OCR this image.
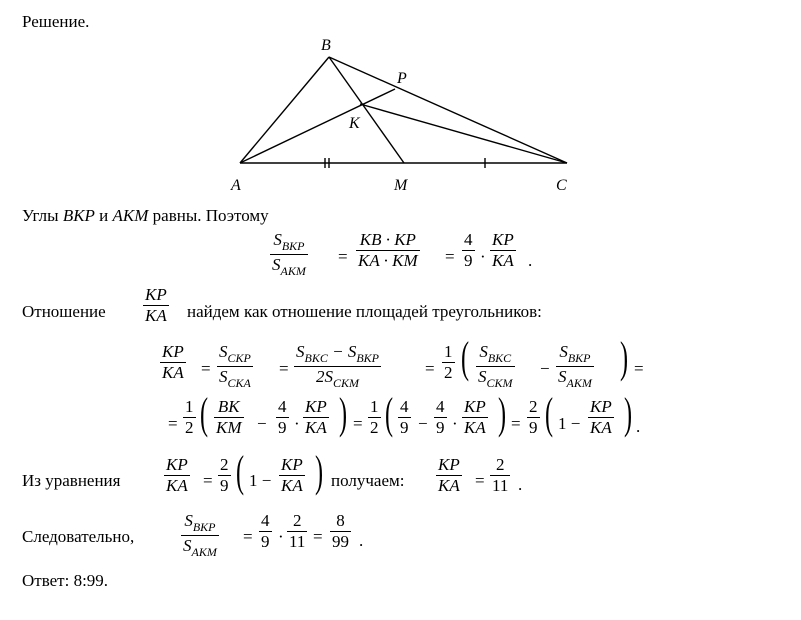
Решение.
B
P
K
A	M	C
Углы BKP и AKM равны. Поэтому
$S_{BKP}$
$S_{AKM}$
= $\frac{KB \cdot KP}{KA \cdot KM} = \frac{4}{9} \cdot \frac{KP}{KA}$ .
Отношение $\frac{KP}{KA}$ найдем как отношение площадей треугольников:
$\frac{KP}{KA}$ =
$S_{CKP}$
$S_{CKA}$
=
$S_{BKC} - S_{BKP}$
$2S_{CKM}$
= $\frac{1}{2}$ ( $S_{BKC}$
$S_{CKM}$
−
$S_{BKP}$
$S_{AKM}$
) =
= $\frac{1}{2}$ ( $\frac{BK}{KM} - \frac{4}{9} \cdot \frac{KP}{KA}$ ) = $\frac{1}{2}$ ( $\frac{4}{9} - \frac{4}{9} \cdot \frac{KP}{KA}$ ) = $\frac{2}{9}$ ( $1 - \frac{KP}{KA}$ ) .
Из уравнения	$\frac{KP}{KA} = \frac{2}{9}$ ( $1 - \frac{KP}{KA}$ ) получаем: $\frac{KP}{KA} = \frac{2}{11}$ .
Следовательно,
$S_{BKP}$
$S_{AKM}$
= $\frac{4}{9} \cdot \frac{2}{11} = \frac{8}{99}$ .
Ответ: 8:99.
